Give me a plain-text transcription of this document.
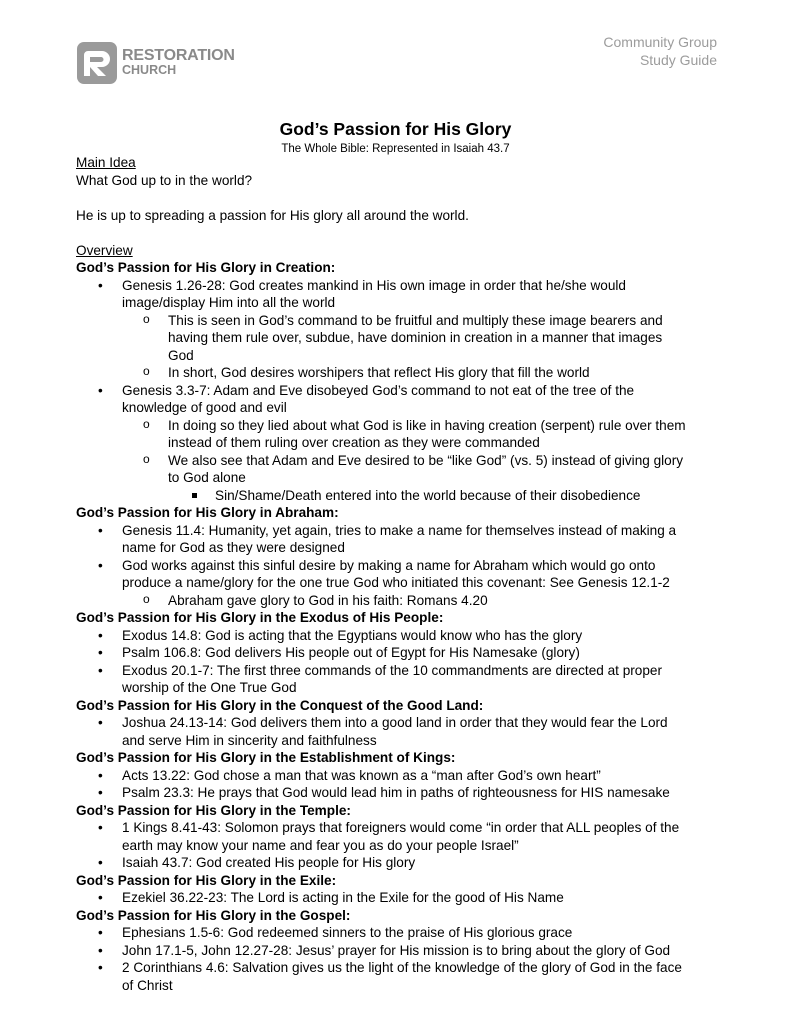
RESTORATION
CHURCH
Community Group
Study Guide
God’s Passion for His Glory
The Whole Bible: Represented in Isaiah 43.7
Main Idea
What God up to in the world?
He is up to spreading a passion for His glory all around the world.
Overview
God’s Passion for His Glory in Creation:
• Genesis 1.26-28: God creates mankind in His own image in order that he/she would
image/display Him into all the world
o This is seen in God’s command to be fruitful and multiply these image bearers and
having them rule over, subdue, have dominion in creation in a manner that images
God
o In short, God desires worshipers that reflect His glory that fill the world
• Genesis 3.3-7: Adam and Eve disobeyed God’s command to not eat of the tree of the
knowledge of good and evil
o In doing so they lied about what God is like in having creation (serpent) rule over them
instead of them ruling over creation as they were commanded
o We also see that Adam and Eve desired to be “like God” (vs. 5) instead of giving glory
to God alone
Sin/Shame/Death entered into the world because of their disobedience
God’s Passion for His Glory in Abraham:
• Genesis 11.4: Humanity, yet again, tries to make a name for themselves instead of making a
name for God as they were designed
• God works against this sinful desire by making a name for Abraham which would go onto
produce a name/glory for the one true God who initiated this covenant: See Genesis 12.1-2
o Abraham gave glory to God in his faith: Romans 4.20
God’s Passion for His Glory in the Exodus of His People:
• Exodus 14.8: God is acting that the Egyptians would know who has the glory
• Psalm 106.8: God delivers His people out of Egypt for His Namesake (glory)
• Exodus 20.1-7: The first three commands of the 10 commandments are directed at proper
worship of the One True God
God’s Passion for His Glory in the Conquest of the Good Land:
• Joshua 24.13-14: God delivers them into a good land in order that they would fear the Lord
and serve Him in sincerity and faithfulness
God’s Passion for His Glory in the Establishment of Kings:
• Acts 13.22: God chose a man that was known as a “man after God’s own heart”
• Psalm 23.3: He prays that God would lead him in paths of righteousness for HIS namesake
God’s Passion for His Glory in the Temple:
• 1 Kings 8.41-43: Solomon prays that foreigners would come “in order that ALL peoples of the
earth may know your name and fear you as do your people Israel”
• Isaiah 43.7: God created His people for His glory
God’s Passion for His Glory in the Exile:
• Ezekiel 36.22-23: The Lord is acting in the Exile for the good of His Name
God’s Passion for His Glory in the Gospel:
• Ephesians 1.5-6: God redeemed sinners to the praise of His glorious grace
• John 17.1-5, John 12.27-28: Jesus’ prayer for His mission is to bring about the glory of God
• 2 Corinthians 4.6: Salvation gives us the light of the knowledge of the glory of God in the face
of Christ
